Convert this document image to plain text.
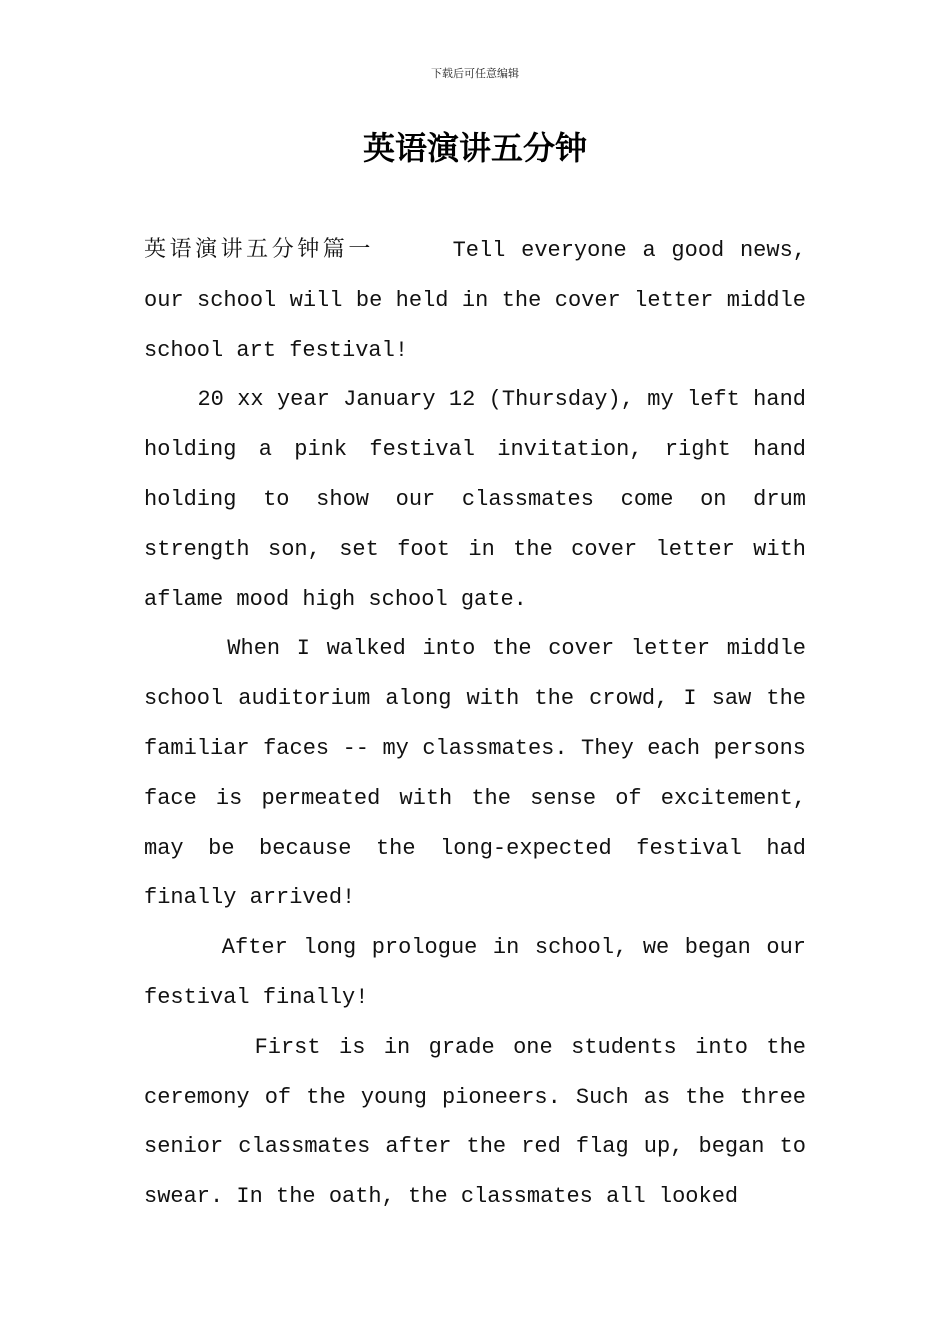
下载后可任意编辑
英语演讲五分钟

英语演讲五分钟篇一     Tell everyone a good news, our school will be held in the cover letter middle school art festival!

20 xx year January 12 (Thursday), my left hand holding a pink festival invitation, right hand holding to show our classmates come on drum strength son, set foot in the cover letter with aflame mood high school gate.

When I walked into the cover letter middle school auditorium along with the crowd, I saw the familiar faces -- my classmates. They each persons face is permeated with the sense of excitement, may be because the long-expected festival had finally arrived!

After long prologue in school, we began our festival finally!

First is in grade one students into the ceremony of the young pioneers. Such as the three senior classmates after the red flag up, began to swear. In the oath, the classmates all looked
